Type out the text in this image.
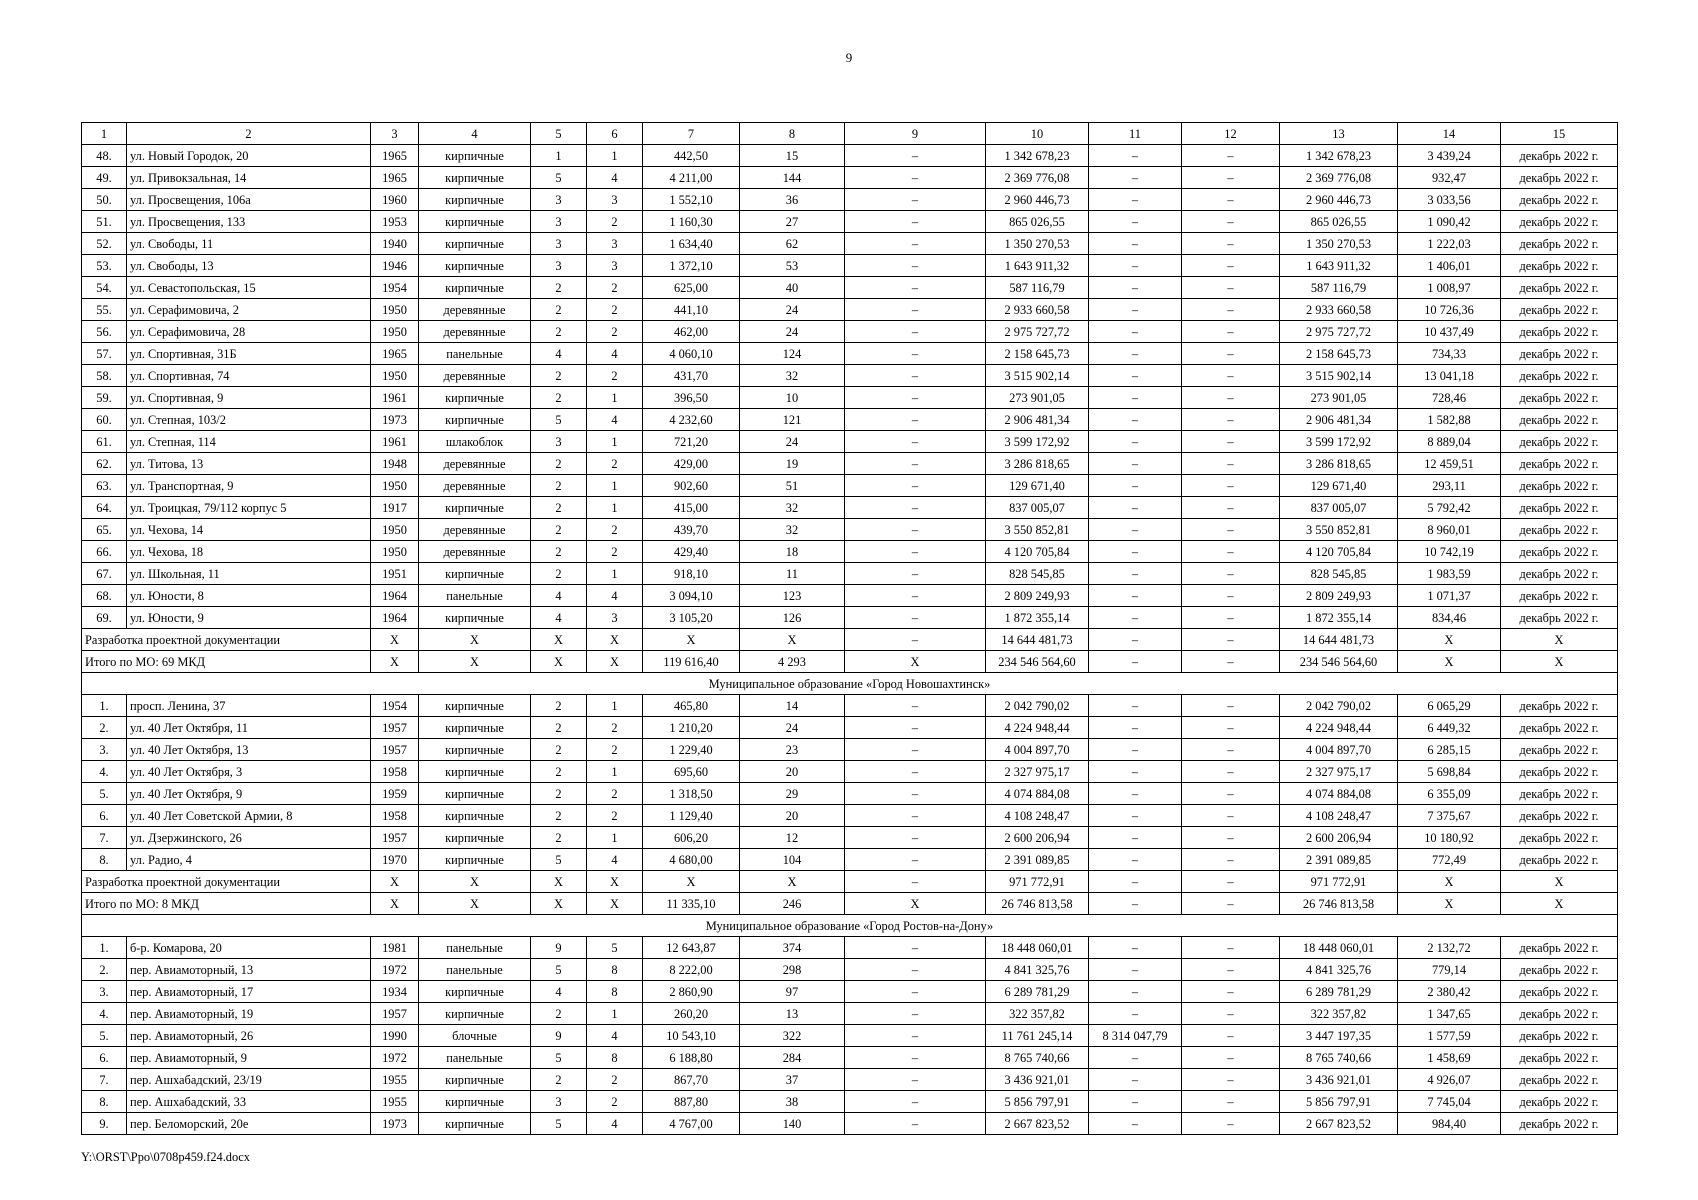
9
1	2	3	4	5	6	7	8	9	10	11	12	13	14	15
48.	ул. Новый Городок, 20	1965	кирпичные	1	1	442,50	15	–	1 342 678,23	–	–	1 342 678,23	3 439,24	декабрь 2022 г.
49.	ул. Привокзальная, 14	1965	кирпичные	5	4	4 211,00	144	–	2 369 776,08	–	–	2 369 776,08	932,47	декабрь 2022 г.
50.	ул. Просвещения, 106а	1960	кирпичные	3	3	1 552,10	36	–	2 960 446,73	–	–	2 960 446,73	3 033,56	декабрь 2022 г.
51.	ул. Просвещения, 133	1953	кирпичные	3	2	1 160,30	27	–	865 026,55	–	–	865 026,55	1 090,42	декабрь 2022 г.
52.	ул. Свободы, 11	1940	кирпичные	3	3	1 634,40	62	–	1 350 270,53	–	–	1 350 270,53	1 222,03	декабрь 2022 г.
53.	ул. Свободы, 13	1946	кирпичные	3	3	1 372,10	53	–	1 643 911,32	–	–	1 643 911,32	1 406,01	декабрь 2022 г.
54.	ул. Севастопольская, 15	1954	кирпичные	2	2	625,00	40	–	587 116,79	–	–	587 116,79	1 008,97	декабрь 2022 г.
55.	ул. Серафимовича, 2	1950	деревянные	2	2	441,10	24	–	2 933 660,58	–	–	2 933 660,58	10 726,36	декабрь 2022 г.
56.	ул. Серафимовича, 28	1950	деревянные	2	2	462,00	24	–	2 975 727,72	–	–	2 975 727,72	10 437,49	декабрь 2022 г.
57.	ул. Спортивная, 31Б	1965	панельные	4	4	4 060,10	124	–	2 158 645,73	–	–	2 158 645,73	734,33	декабрь 2022 г.
58.	ул. Спортивная, 74	1950	деревянные	2	2	431,70	32	–	3 515 902,14	–	–	3 515 902,14	13 041,18	декабрь 2022 г.
59.	ул. Спортивная, 9	1961	кирпичные	2	1	396,50	10	–	273 901,05	–	–	273 901,05	728,46	декабрь 2022 г.
60.	ул. Степная, 103/2	1973	кирпичные	5	4	4 232,60	121	–	2 906 481,34	–	–	2 906 481,34	1 582,88	декабрь 2022 г.
61.	ул. Степная, 114	1961	шлакоблок	3	1	721,20	24	–	3 599 172,92	–	–	3 599 172,92	8 889,04	декабрь 2022 г.
62.	ул. Титова, 13	1948	деревянные	2	2	429,00	19	–	3 286 818,65	–	–	3 286 818,65	12 459,51	декабрь 2022 г.
63.	ул. Транспортная, 9	1950	деревянные	2	1	902,60	51	–	129 671,40	–	–	129 671,40	293,11	декабрь 2022 г.
64.	ул. Троицкая, 79/112 корпус 5	1917	кирпичные	2	1	415,00	32	–	837 005,07	–	–	837 005,07	5 792,42	декабрь 2022 г.
65.	ул. Чехова, 14	1950	деревянные	2	2	439,70	32	–	3 550 852,81	–	–	3 550 852,81	8 960,01	декабрь 2022 г.
66.	ул. Чехова, 18	1950	деревянные	2	2	429,40	18	–	4 120 705,84	–	–	4 120 705,84	10 742,19	декабрь 2022 г.
67.	ул. Школьная, 11	1951	кирпичные	2	1	918,10	11	–	828 545,85	–	–	828 545,85	1 983,59	декабрь 2022 г.
68.	ул. Юности, 8	1964	панельные	4	4	3 094,10	123	–	2 809 249,93	–	–	2 809 249,93	1 071,37	декабрь 2022 г.
69.	ул. Юности, 9	1964	кирпичные	4	3	3 105,20	126	–	1 872 355,14	–	–	1 872 355,14	834,46	декабрь 2022 г.
Разработка проектной документации		X	X	X	X	X	X	–	14 644 481,73	–	–	14 644 481,73	X	X
Итого по МО: 69 МКД		X	X	X	X	119 616,40	4 293	X	234 546 564,60	–	–	234 546 564,60	X	X
Муниципальное образование «Город Новошахтинск»														
1.	просп. Ленина, 37	1954	кирпичные	2	1	465,80	14	–	2 042 790,02	–	–	2 042 790,02	6 065,29	декабрь 2022 г.
2.	ул. 40 Лет Октября, 11	1957	кирпичные	2	2	1 210,20	24	–	4 224 948,44	–	–	4 224 948,44	6 449,32	декабрь 2022 г.
3.	ул. 40 Лет Октября, 13	1957	кирпичные	2	2	1 229,40	23	–	4 004 897,70	–	–	4 004 897,70	6 285,15	декабрь 2022 г.
4.	ул. 40 Лет Октября, 3	1958	кирпичные	2	1	695,60	20	–	2 327 975,17	–	–	2 327 975,17	5 698,84	декабрь 2022 г.
5.	ул. 40 Лет Октября, 9	1959	кирпичные	2	2	1 318,50	29	–	4 074 884,08	–	–	4 074 884,08	6 355,09	декабрь 2022 г.
6.	ул. 40 Лет Советской Армии, 8	1958	кирпичные	2	2	1 129,40	20	–	4 108 248,47	–	–	4 108 248,47	7 375,67	декабрь 2022 г.
7.	ул. Дзержинского, 26	1957	кирпичные	2	1	606,20	12	–	2 600 206,94	–	–	2 600 206,94	10 180,92	декабрь 2022 г.
8.	ул. Радио, 4	1970	кирпичные	5	4	4 680,00	104	–	2 391 089,85	–	–	2 391 089,85	772,49	декабрь 2022 г.
Разработка проектной документации		X	X	X	X	X	X	–	971 772,91	–	–	971 772,91	X	X
Итого по МО: 8 МКД		X	X	X	X	11 335,10	246	X	26 746 813,58	–	–	26 746 813,58	X	X
Муниципальное образование «Город Ростов-на-Дону»														
1.	б-р. Комарова, 20	1981	панельные	9	5	12 643,87	374	–	18 448 060,01	–	–	18 448 060,01	2 132,72	декабрь 2022 г.
2.	пер. Авиамоторный, 13	1972	панельные	5	8	8 222,00	298	–	4 841 325,76	–	–	4 841 325,76	779,14	декабрь 2022 г.
3.	пер. Авиамоторный, 17	1934	кирпичные	4	8	2 860,90	97	–	6 289 781,29	–	–	6 289 781,29	2 380,42	декабрь 2022 г.
4.	пер. Авиамоторный, 19	1957	кирпичные	2	1	260,20	13	–	322 357,82	–	–	322 357,82	1 347,65	декабрь 2022 г.
5.	пер. Авиамоторный, 26	1990	блочные	9	4	10 543,10	322	–	11 761 245,14	8 314 047,79	–	3 447 197,35	1 577,59	декабрь 2022 г.
6.	пер. Авиамоторный, 9	1972	панельные	5	8	6 188,80	284	–	8 765 740,66	–	–	8 765 740,66	1 458,69	декабрь 2022 г.
7.	пер. Ашхабадский, 23/19	1955	кирпичные	2	2	867,70	37	–	3 436 921,01	–	–	3 436 921,01	4 926,07	декабрь 2022 г.
8.	пер. Ашхабадский, 33	1955	кирпичные	3	2	887,80	38	–	5 856 797,91	–	–	5 856 797,91	7 745,04	декабрь 2022 г.
9.	пер. Беломорский, 20е	1973	кирпичные	5	4	4 767,00	140	–	2 667 823,52	–	–	2 667 823,52	984,40	декабрь 2022 г.
Y:\ORST\Ppo\0708p459.f24.docx
